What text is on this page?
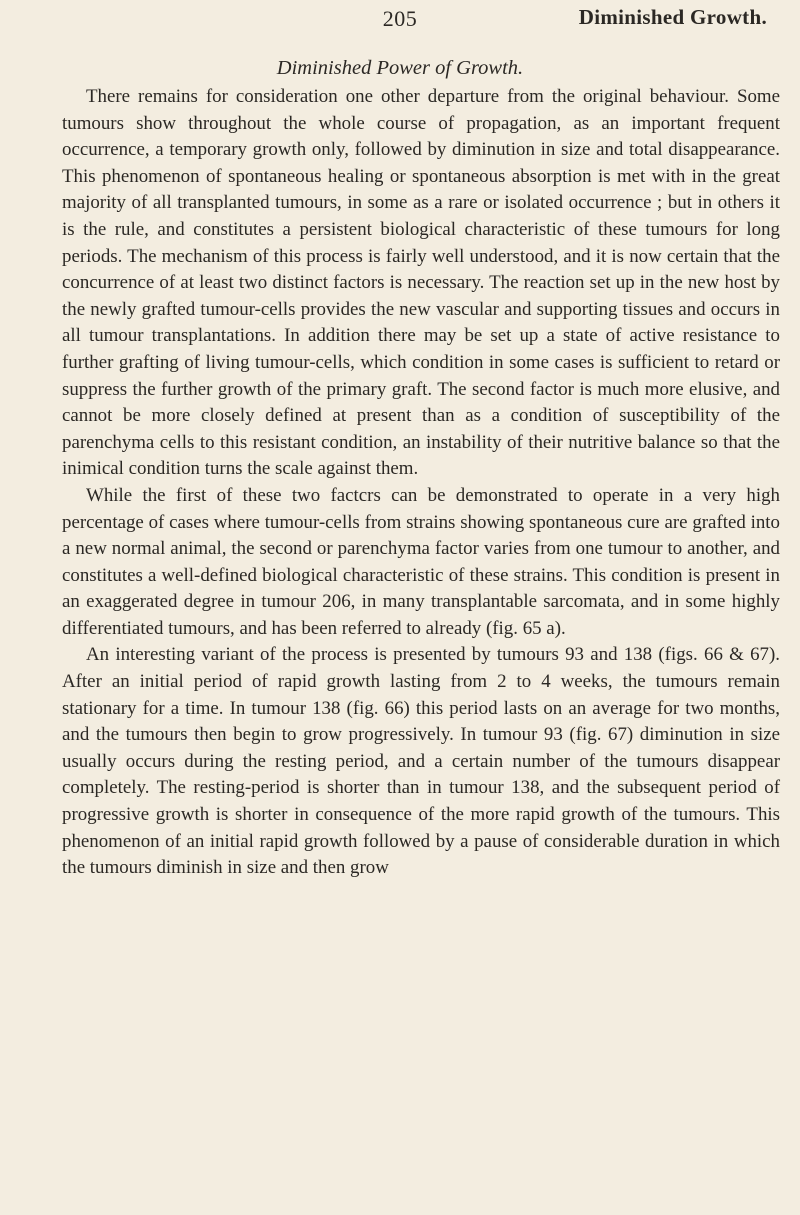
205	Diminished Growth.
Diminished Power of Growth.

There remains for consideration one other departure from the original behaviour. Some tumours show throughout the whole course of propagation, as an important frequent occurrence, a temporary growth only, followed by diminution in size and total disappearance. This phenomenon of spontaneous healing or spontaneous absorption is met with in the great majority of all transplanted tumours, in some as a rare or isolated occurrence ; but in others it is the rule, and constitutes a persistent biological characteristic of these tumours for long periods. The mechanism of this process is fairly well understood, and it is now certain that the concurrence of at least two distinct factors is necessary. The reaction set up in the new host by the newly grafted tumour-cells provides the new vascular and supporting tissues and occurs in all tumour transplantations. In addition there may be set up a state of active resistance to further grafting of living tumour-cells, which condition in some cases is sufficient to retard or suppress the further growth of the primary graft. The second factor is much more elusive, and cannot be more closely defined at present than as a condition of susceptibility of the parenchyma cells to this resistant condition, an instability of their nutritive balance so that the inimical condition turns the scale against them.

While the first of these two factcrs can be demonstrated to operate in a very high percentage of cases where tumour-cells from strains showing spontaneous cure are grafted into a new normal animal, the second or parenchyma factor varies from one tumour to another, and constitutes a well-defined biological characteristic of these strains. This condition is present in an exaggerated degree in tumour 206, in many transplantable sarcomata, and in some highly differentiated tumours, and has been referred to already (fig. 65 a).

An interesting variant of the process is presented by tumours 93 and 138 (figs. 66 & 67). After an initial period of rapid growth lasting from 2 to 4 weeks, the tumours remain stationary for a time. In tumour 138 (fig. 66) this period lasts on an average for two months, and the tumours then begin to grow progressively. In tumour 93 (fig. 67) diminution in size usually occurs during the resting period, and a certain number of the tumours disappear completely. The resting-period is shorter than in tumour 138, and the subsequent period of progressive growth is shorter in consequence of the more rapid growth of the tumours. This phenomenon of an initial rapid growth followed by a pause of considerable duration in which the tumours diminish in size and then grow
